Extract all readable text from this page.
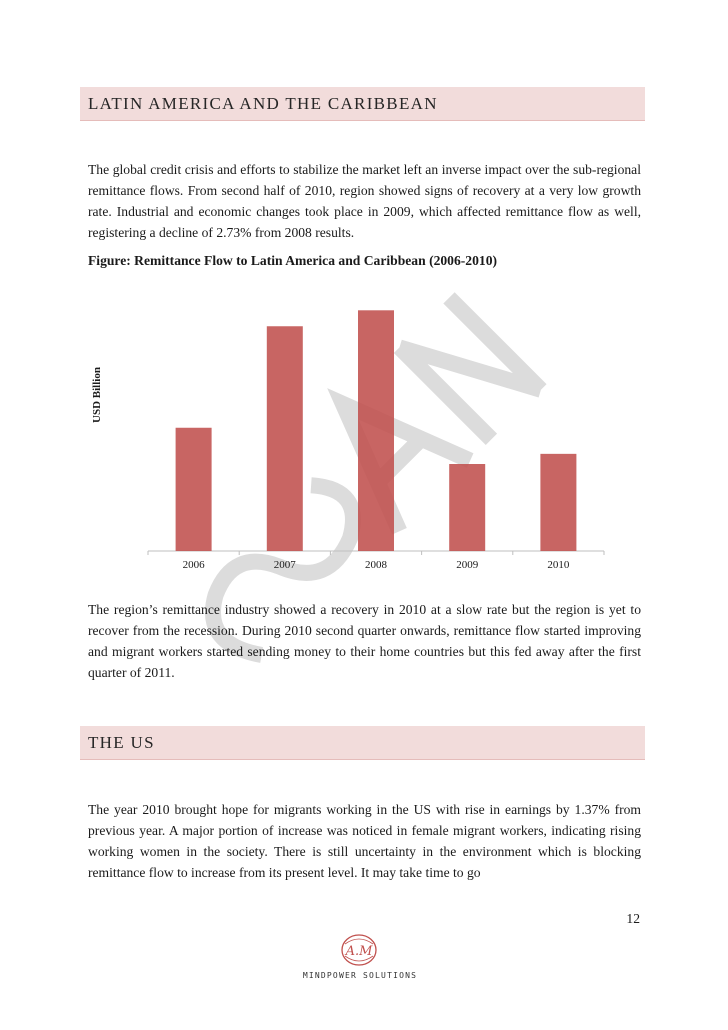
LATIN AMERICA AND THE CARIBBEAN

The global credit crisis and efforts to stabilize the market left an inverse impact over the sub-regional remittance flows. From second half of 2010, region showed signs of recovery at a very low growth rate. Industrial and economic changes took place in 2009, which affected remittance flow as well, registering a decline of 2.73% from 2008 results.

Figure: Remittance Flow to Latin America and Caribbean (2006-2010)

USD Billion
2006	2007	2008	2009	2010

The region’s remittance industry showed a recovery in 2010 at a slow rate but the region is yet to recover from the recession. During 2010 second quarter onwards, remittance flow started improving and migrant workers started sending money to their home countries but this fed away after the first quarter of 2011.

THE US

The year 2010 brought hope for migrants working in the US with rise in earnings by 1.37% from previous year. A major portion of increase was noticed in female migrant workers, indicating rising working women in the society. There is still uncertainty in the environment which is blocking remittance flow to increase from its present level. It may take time to go

12
A.M
MINDPOWER SOLUTIONS
